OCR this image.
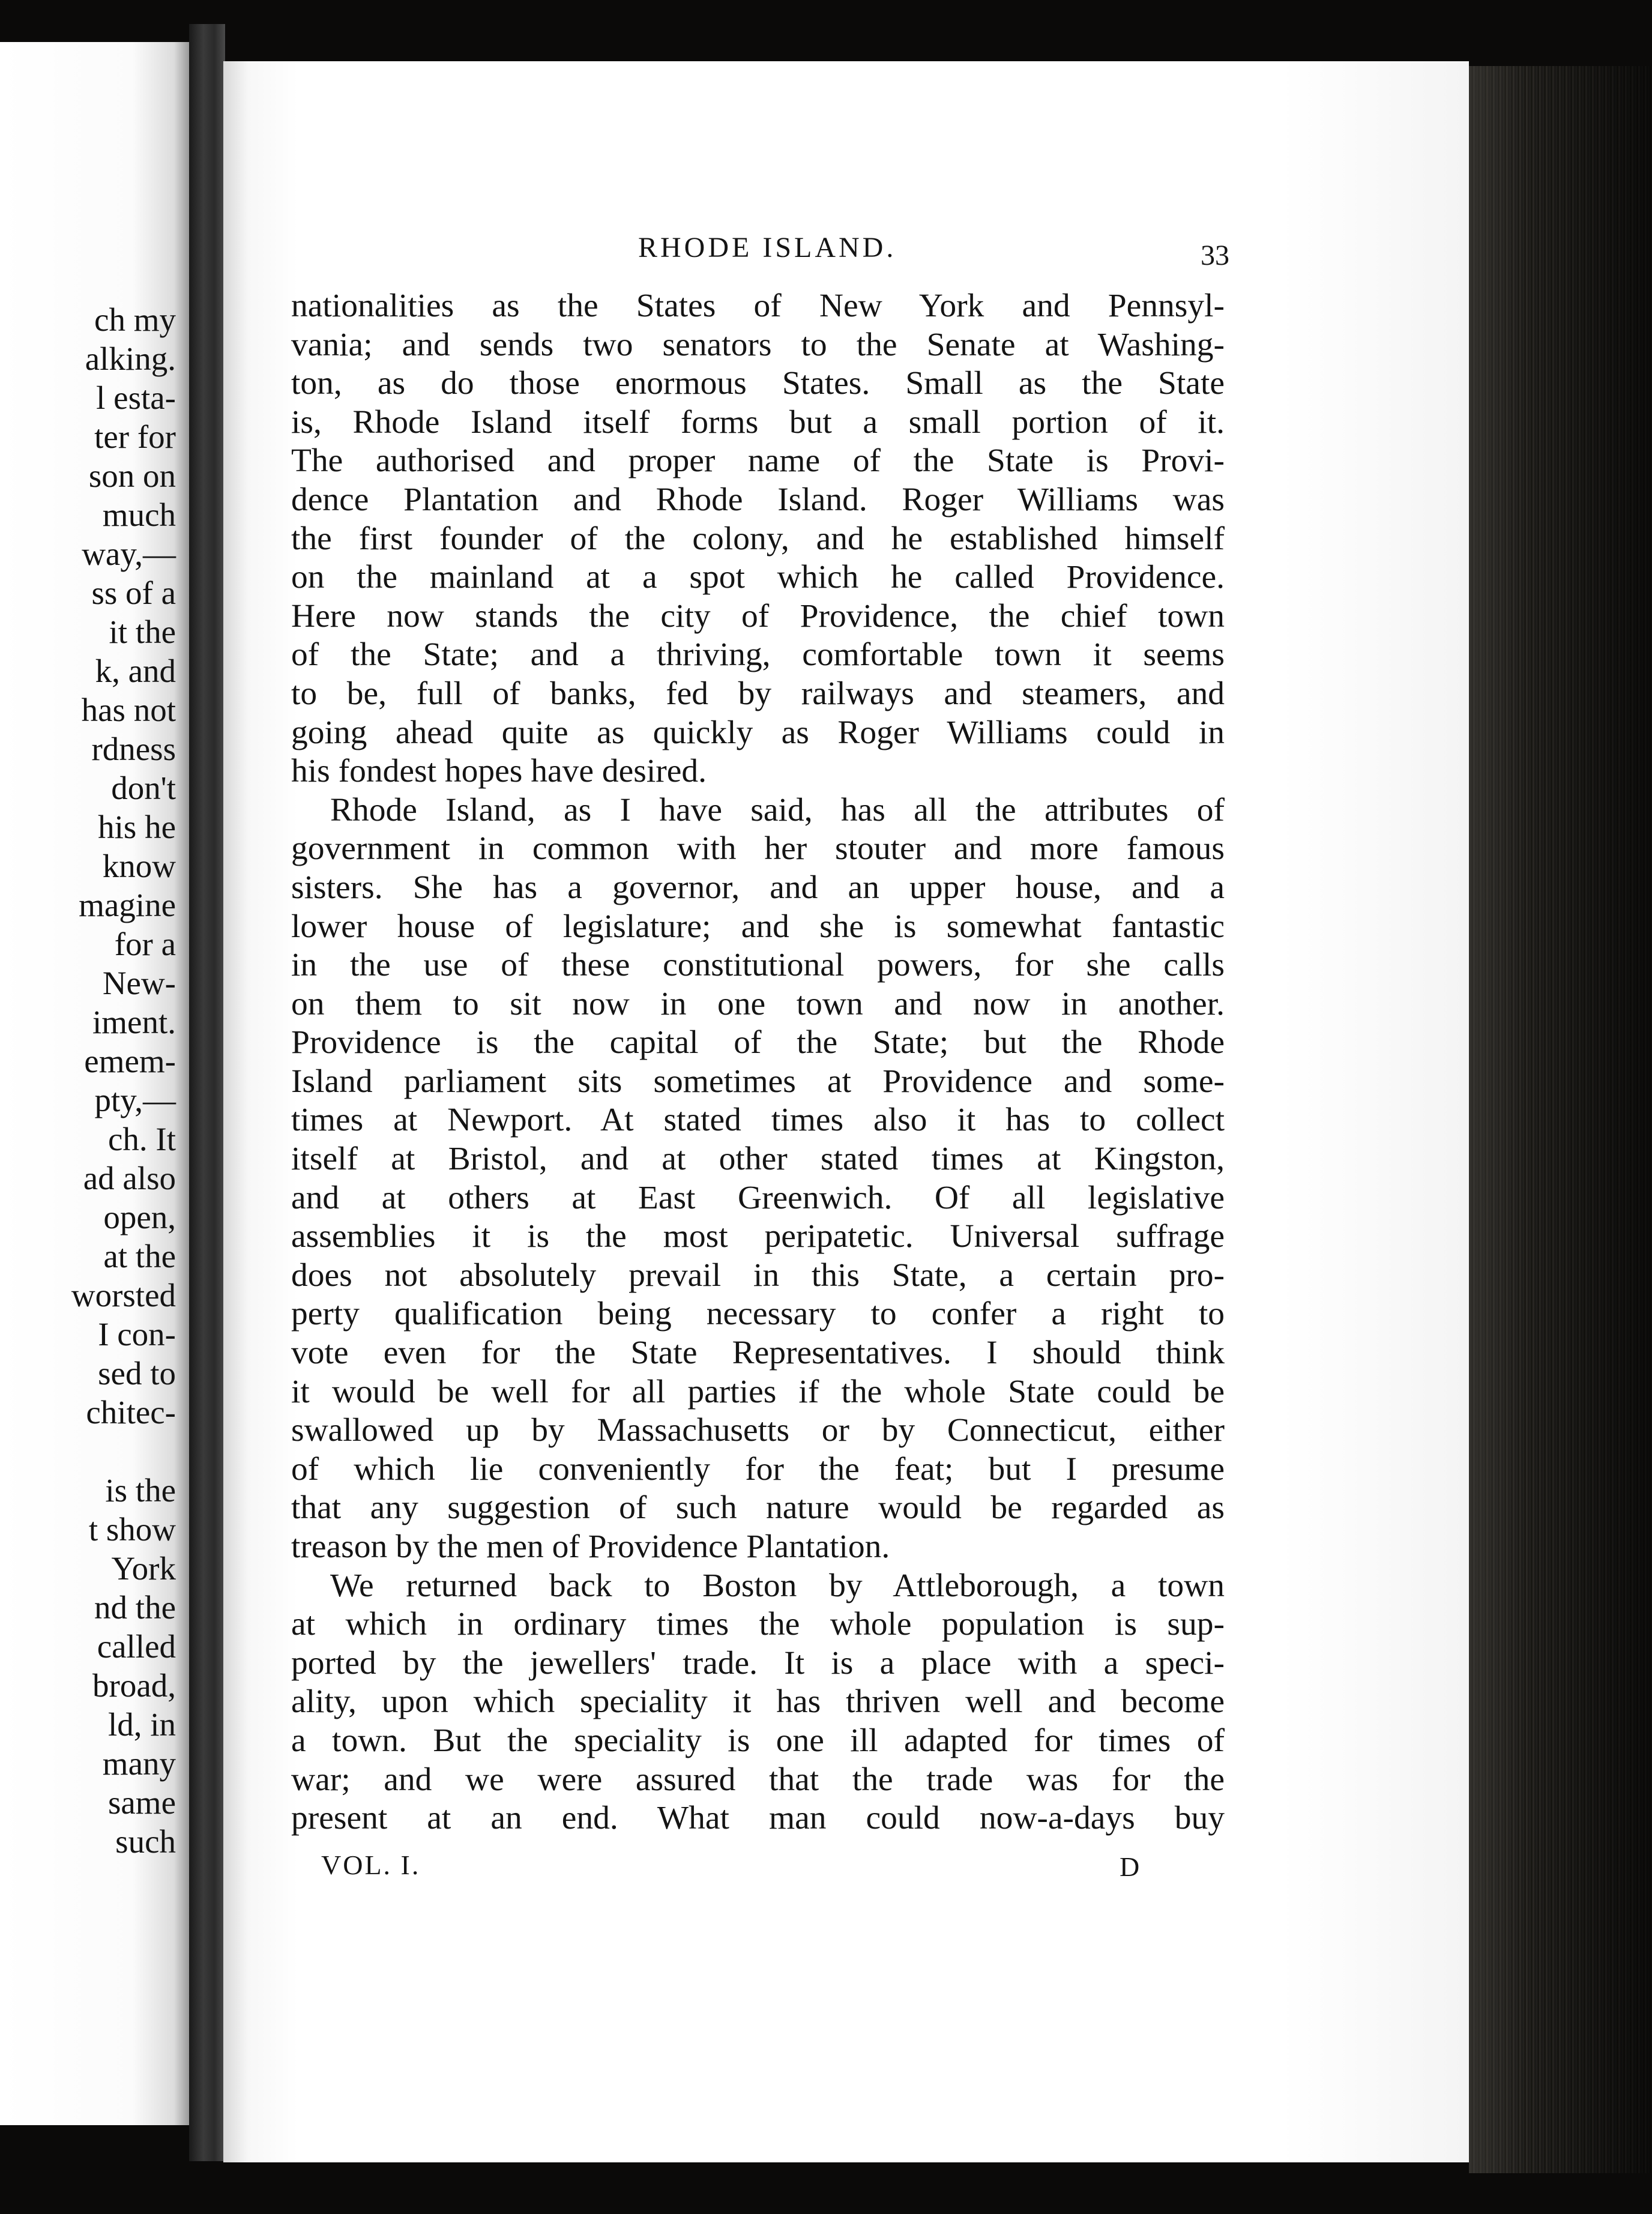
ch my
alking.
l esta-
ter for
son on
much
way,—
ss of a
it the
k, and
has not
rdness
don't
his he
know
magine
for a
New-
iment.
emem-
pty,—
ch. It
ad also
open,
at the
worsted
I con-
sed to
chitec-
is the
t show
York
nd the
called
broad,
ld, in
many
same
such
RHODE ISLAND.	33
nationalities as the States of New York and Pennsyl-
vania; and sends two senators to the Senate at Washing-
ton, as do those enormous States. Small as the State
is, Rhode Island itself forms but a small portion of it.
The authorised and proper name of the State is Provi-
dence Plantation and Rhode Island. Roger Williams was
the first founder of the colony, and he established himself
on the mainland at a spot which he called Providence.
Here now stands the city of Providence, the chief town
of the State; and a thriving, comfortable town it seems
to be, full of banks, fed by railways and steamers, and
going ahead quite as quickly as Roger Williams could in
his fondest hopes have desired.
Rhode Island, as I have said, has all the attributes of
government in common with her stouter and more famous
sisters. She has a governor, and an upper house, and a
lower house of legislature; and she is somewhat fantastic
in the use of these constitutional powers, for she calls
on them to sit now in one town and now in another.
Providence is the capital of the State; but the Rhode
Island parliament sits sometimes at Providence and some-
times at Newport. At stated times also it has to collect
itself at Bristol, and at other stated times at Kingston,
and at others at East Greenwich. Of all legislative
assemblies it is the most peripatetic. Universal suffrage
does not absolutely prevail in this State, a certain pro-
perty qualification being necessary to confer a right to
vote even for the State Representatives. I should think
it would be well for all parties if the whole State could be
swallowed up by Massachusetts or by Connecticut, either
of which lie conveniently for the feat; but I presume
that any suggestion of such nature would be regarded as
treason by the men of Providence Plantation.
We returned back to Boston by Attleborough, a town
at which in ordinary times the whole population is sup-
ported by the jewellers' trade. It is a place with a speci-
ality, upon which speciality it has thriven well and become
a town. But the speciality is one ill adapted for times of
war; and we were assured that the trade was for the
present at an end. What man could now-a-days buy
VOL. I.	D
